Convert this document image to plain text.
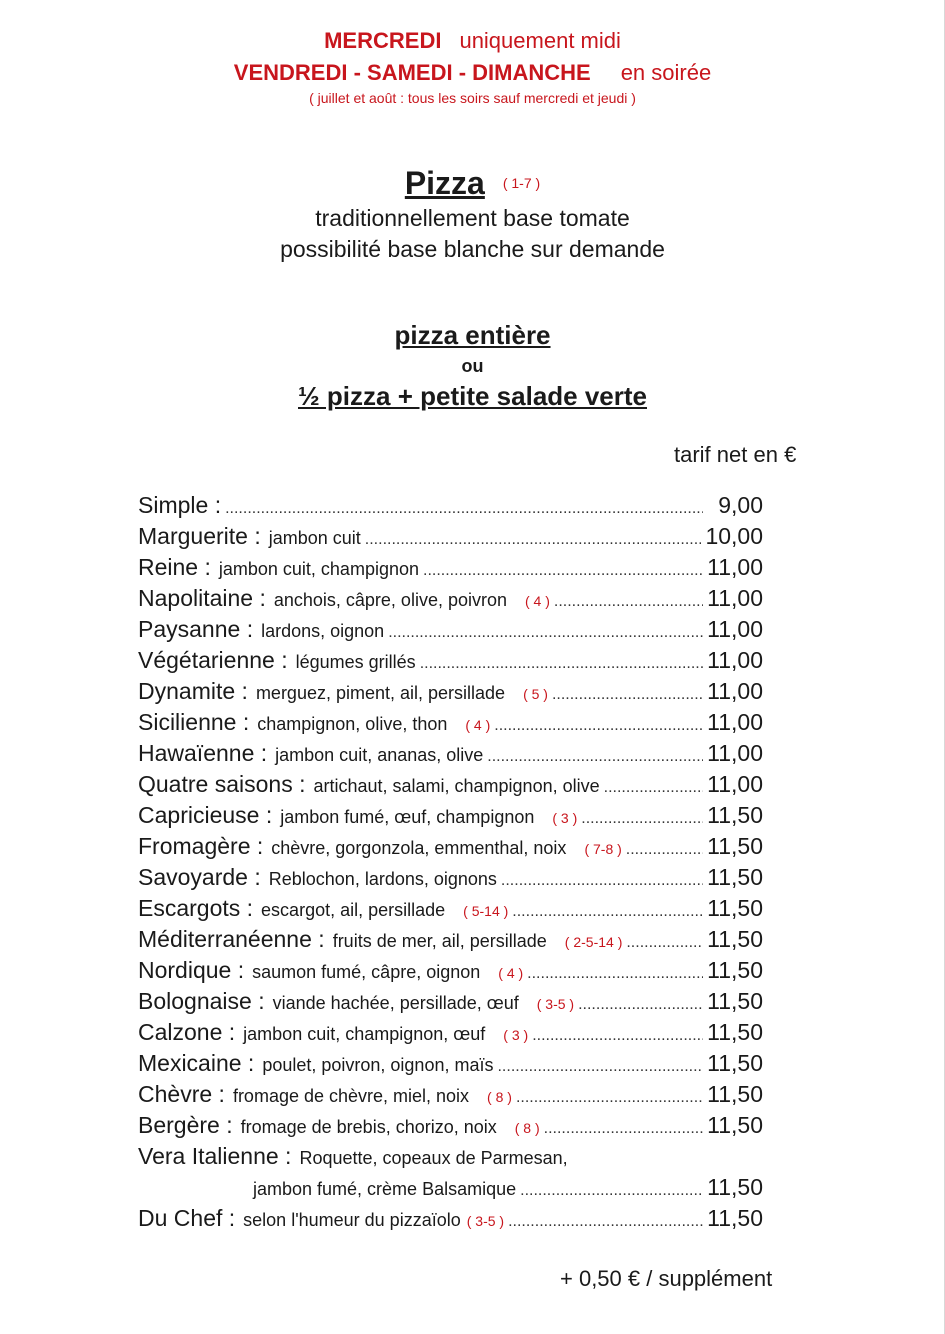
MERCREDI uniquement midi
VENDREDI - SAMEDI - DIMANCHE en soirée
( juillet et août : tous les soirs sauf mercredi et jeudi )
Pizza ( 1-7 )
traditionnellement base tomate
possibilité base blanche sur demande
pizza entière
ou
½ pizza + petite salade verte
tarif net en €
Simple : .....	9,00
Marguerite : jambon cuit .....	10,00
Reine : jambon cuit, champignon .....	11,00
Napolitaine : anchois, câpre, olive, poivron ( 4 ) .....	11,00
Paysanne : lardons, oignon .....	11,00
Végétarienne : légumes grillés .....	11,00
Dynamite : merguez, piment, ail, persillade ( 5 ) .....	11,00
Sicilienne : champignon, olive, thon ( 4 ) .....	11,00
Hawaïenne : jambon cuit, ananas, olive .....	11,00
Quatre saisons : artichaut, salami, champignon, olive .....	11,00
Capricieuse : jambon fumé, œuf, champignon ( 3 ) .....	11,50
Fromagère : chèvre, gorgonzola, emmenthal, noix ( 7-8 ) .....	11,50
Savoyarde : Reblochon, lardons, oignons .....	11,50
Escargots : escargot, ail, persillade ( 5-14 ) .....	11,50
Méditerranéenne : fruits de mer, ail, persillade ( 2-5-14 ) .....	11,50
Nordique : saumon fumé, câpre, oignon ( 4 ) .....	11,50
Bolognaise : viande hachée, persillade, œuf ( 3-5 ) .....	11,50
Calzone : jambon cuit, champignon, œuf ( 3 ) .....	11,50
Mexicaine : poulet, poivron, oignon, maïs .....	11,50
Chèvre : fromage de chèvre, miel, noix ( 8 ) .....	11,50
Bergère : fromage de brebis, chorizo, noix ( 8 ) .....	11,50
Vera Italienne : Roquette, copeaux de Parmesan,
jambon fumé, crème Balsamique .....	11,50
Du Chef : selon l'humeur du pizzaïolo ( 3-5 ) .....	11,50
+ 0,50 € / supplément
